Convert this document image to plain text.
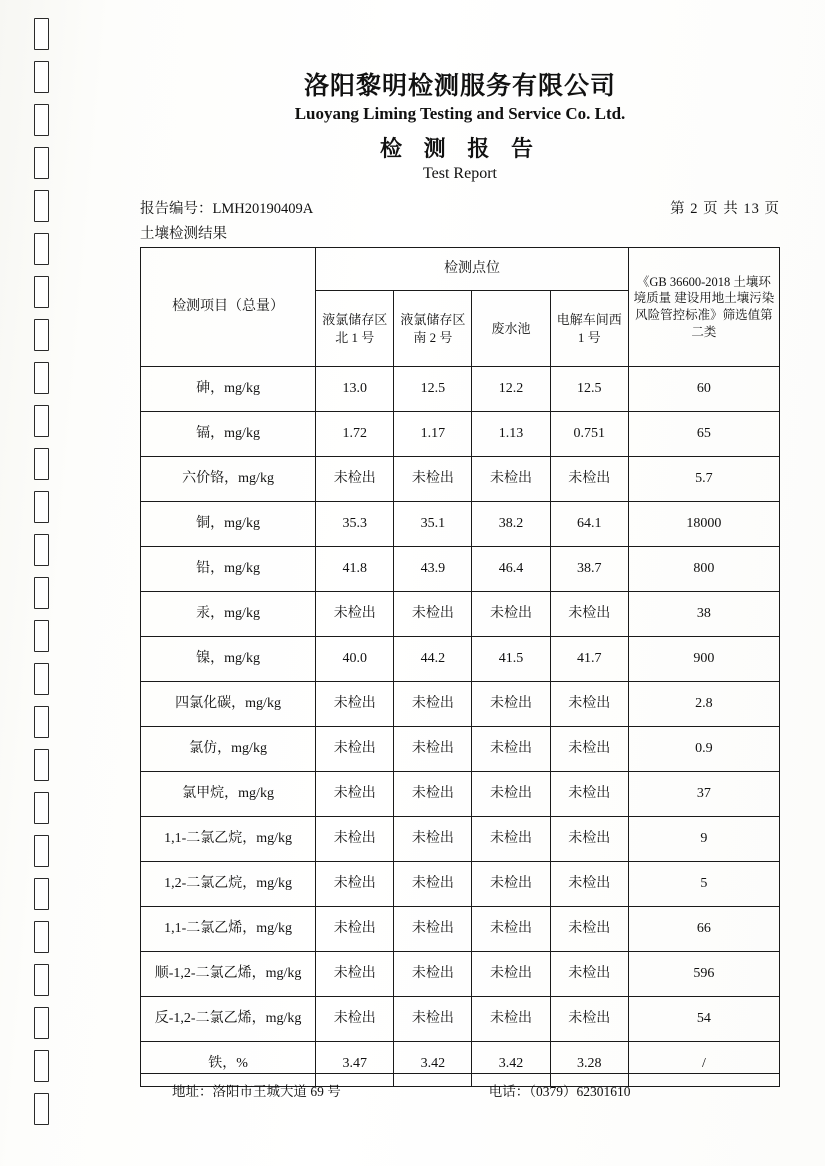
洛阳黎明检测服务有限公司
Luoyang Liming Testing and Service Co. Ltd.
检 测 报 告
Test Report
报告编号：LMH20190409A	第 2 页 共 13 页
土壤检测结果
检测项目（总量）	检测点位				《GB 36600-2018 土壤环境质量 建设用地土壤污染风险管控标准》筛选值第二类
	液氯储存区北 1 号	液氯储存区南 2 号	废水池	电解车间西 1 号	
砷，mg/kg	13.0	12.5	12.2	12.5	60
镉，mg/kg	1.72	1.17	1.13	0.751	65
六价铬，mg/kg	未检出	未检出	未检出	未检出	5.7
铜，mg/kg	35.3	35.1	38.2	64.1	18000
铅，mg/kg	41.8	43.9	46.4	38.7	800
汞，mg/kg	未检出	未检出	未检出	未检出	38
镍，mg/kg	40.0	44.2	41.5	41.7	900
四氯化碳，mg/kg	未检出	未检出	未检出	未检出	2.8
氯仿，mg/kg	未检出	未检出	未检出	未检出	0.9
氯甲烷，mg/kg	未检出	未检出	未检出	未检出	37
1,1-二氯乙烷，mg/kg	未检出	未检出	未检出	未检出	9
1,2-二氯乙烷，mg/kg	未检出	未检出	未检出	未检出	5
1,1-二氯乙烯，mg/kg	未检出	未检出	未检出	未检出	66
顺-1,2-二氯乙烯，mg/kg	未检出	未检出	未检出	未检出	596
反-1,2-二氯乙烯，mg/kg	未检出	未检出	未检出	未检出	54
铁，%	3.47	3.42	3.42	3.28	/
地址：洛阳市王城大道 69 号	电话：（0379）62301610
